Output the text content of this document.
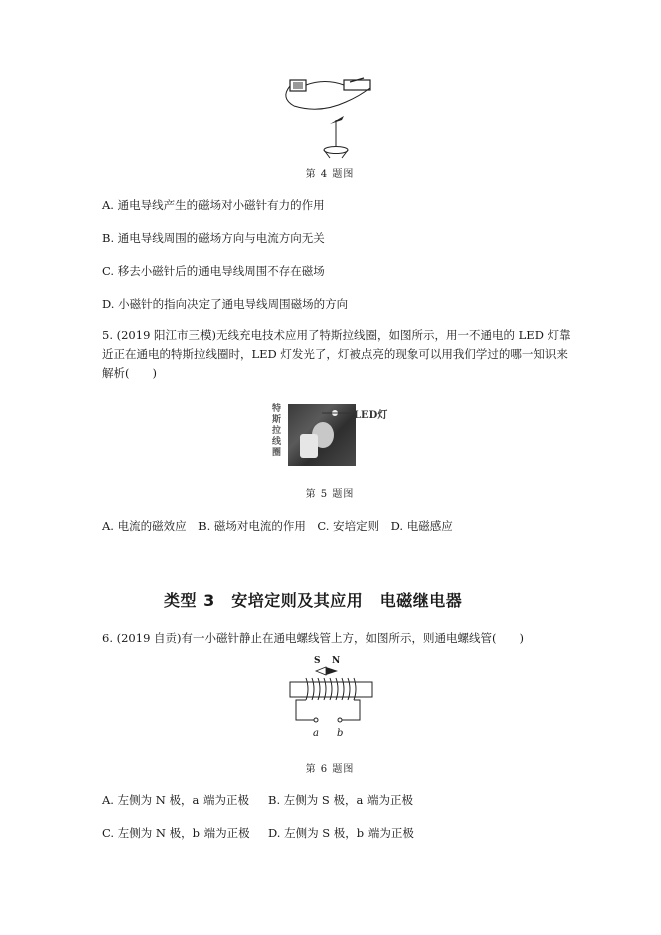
第 4 题图
A. 通电导线产生的磁场对小磁针有力的作用
B. 通电导线周围的磁场方向与电流方向无关
C. 移去小磁针后的通电导线周围不存在磁场
D. 小磁针的指向决定了通电导线周围磁场的方向
5. (2019 阳江市三模)无线充电技术应用了特斯拉线圈，如图所示，用一不通电的 LED 灯靠近正在通电的特斯拉线圈时，LED 灯发光了，灯被点亮的现象可以用我们学过的哪一知识来解析(　　)
特斯拉线圈
LED灯
第 5 题图
A. 电流的磁效应　B. 磁场对电流的作用　C. 安培定则　D. 电磁感应
类型 3　安培定则及其应用　电磁继电器
6. (2019 自贡)有一小磁针静止在通电螺线管上方，如图所示，则通电螺线管(　　)
S N
a b
第 6 题图
A. 左侧为 N 极，a 端为正极 B. 左侧为 S 极，a 端为正极
C. 左侧为 N 极，b 端为正极 D. 左侧为 S 极，b 端为正极
